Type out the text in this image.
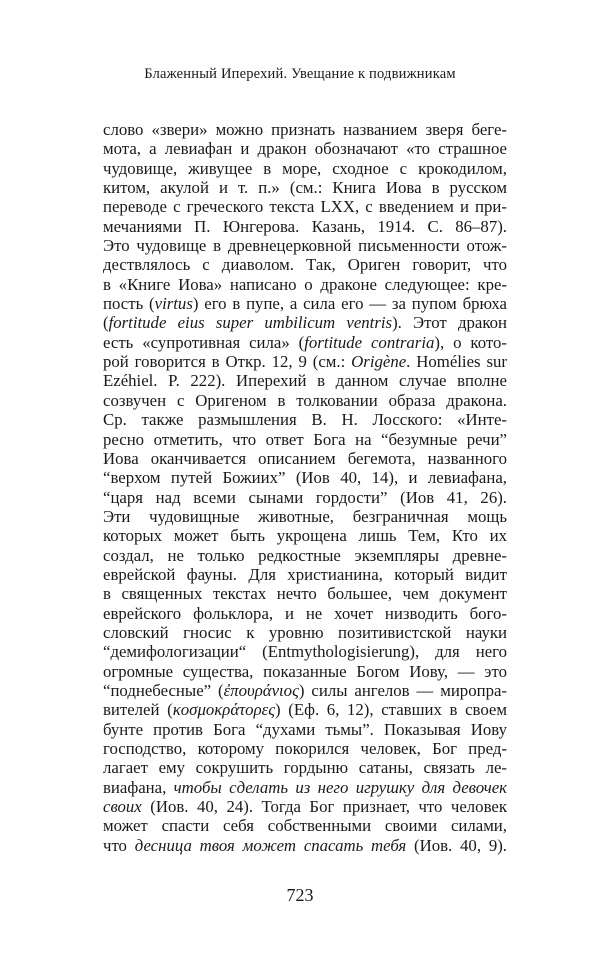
Блаженный Иперехий. Увещание к подвижникам
слово «звери» можно признать названием зверя беге-
мота, а левиафан и дракон обозначают «то страшное
чудовище, живущее в море, сходное с крокодилом,
китом, акулой и т. п.» (см.: Книга Иова в русском
переводе с греческого текста LXX, с введением и при-
мечаниями П. Юнгерова. Казань, 1914. С. 86–87).
Это чудовище в древнецерковной письменности отож-
дествлялось с диаволом. Так, Ориген говорит, что
в «Книге Иова» написано о драконе следующее: кре-
пость (virtus) его в пупе, а сила его — за пупом брюха
(fortitude eius super umbilicum ventris). Этот дракон
есть «супротивная сила» (fortitude contraria), о кото-
рой говорится в Откр. 12, 9 (см.: Origène. Homélies sur
Ezéhiel. P. 222). Иперехий в данном случае вполне
созвучен с Оригеном в толковании образа дракона.
Ср. также размышления В. Н. Лосского: «Инте-
ресно отметить, что ответ Бога на “безумные речи”
Иова оканчивается описанием бегемота, названного
“верхом путей Божиих” (Иов 40, 14), и левиафана,
“царя над всеми сынами гордости” (Иов 41, 26).
Эти чудовищные животные, безграничная мощь
которых может быть укрощена лишь Тем, Кто их
создал, не только редкостные экземпляры древне-
еврейской фауны. Для христианина, который видит
в священных текстах нечто большее, чем документ
еврейского фольклора, и не хочет низводить бого-
словский гносис к уровню позитивистской науки
“демифологизации“ (Entmythologisierung), для него
огромные существа, показанные Богом Иову, — это
“поднебесные” (ἐπουράνιος) силы ангелов — миропра-
вителей (κοσμοκράτορες) (Еф. 6, 12), ставших в своем
бунте против Бога “духами тьмы”. Показывая Иову
господство, которому покорился человек, Бог пред-
лагает ему сокрушить гордыню сатаны, связать ле-
виафана, чтобы сделать из него игрушку для девочек
своих (Иов. 40, 24). Тогда Бог признает, что человек
может спасти себя собственными своими силами,
что десница твоя может спасать тебя (Иов. 40, 9).
723
